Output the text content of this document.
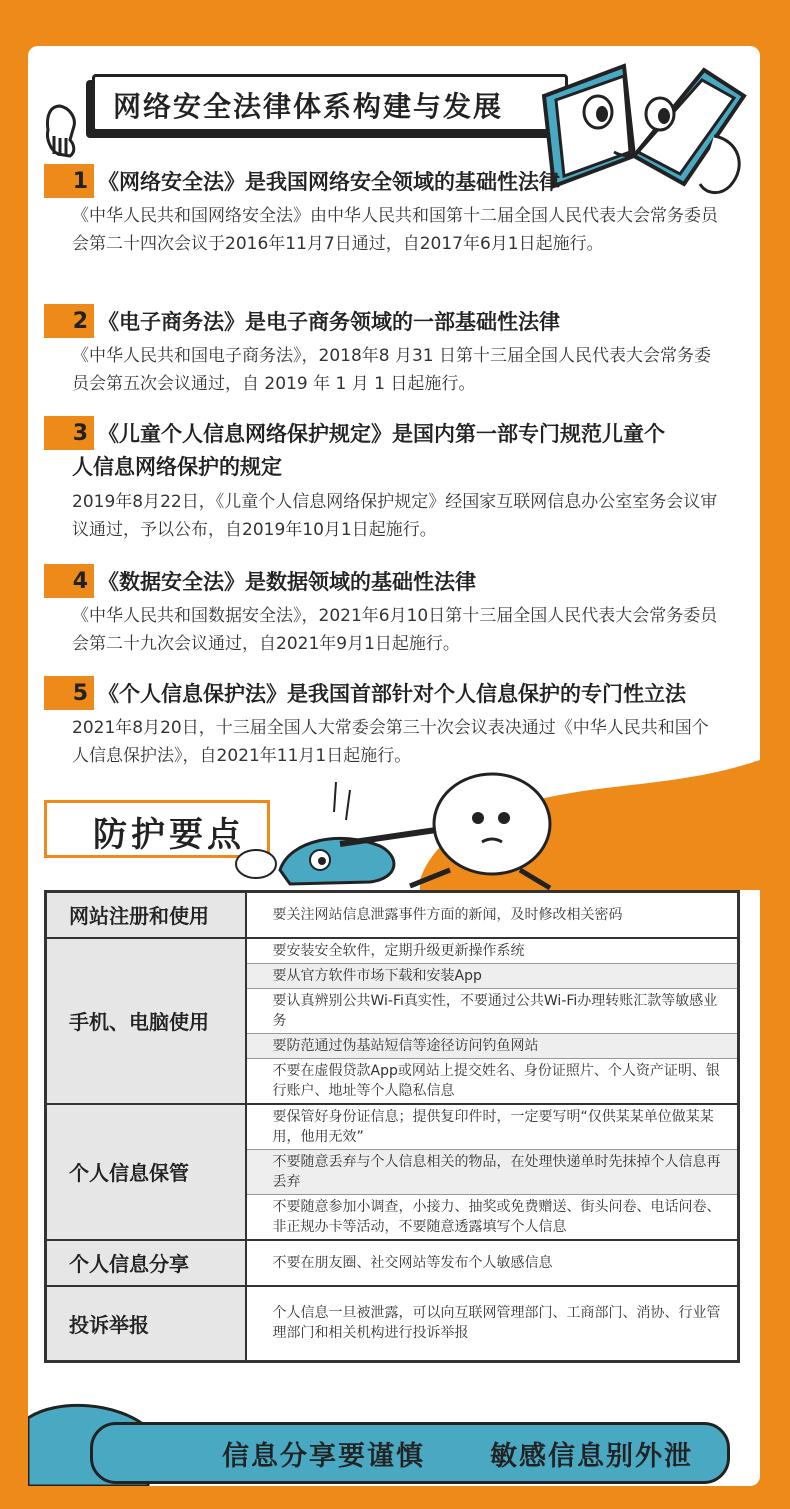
网络安全法律体系构建与发展
1 《网络安全法》是我国网络安全领域的基础性法律
《中华人民共和国网络安全法》由中华人民共和国第十二届全国人民代表大会常务委员会第二十四次会议于2016年11月7日通过，自2017年6月1日起施行。
2 《电子商务法》是电子商务领域的一部基础性法律
《中华人民共和国电子商务法》，2018年8 月31 日第十三届全国人民代表大会常务委员会第五次会议通过，自 2019 年 1 月 1 日起施行。
3 《儿童个人信息网络保护规定》是国内第一部专门规范儿童个
人信息网络保护的规定
2019年8月22日，《儿童个人信息网络保护规定》经国家互联网信息办公室室务会议审议通过，予以公布，自2019年10月1日起施行。
4 《数据安全法》是数据领域的基础性法律
《中华人民共和国数据安全法》，2021年6月10日第十三届全国人民代表大会常务委员会第二十九次会议通过，自2021年9月1日起施行。
5 《个人信息保护法》是我国首部针对个人信息保护的专门性立法
2021年8月20日，十三届全国人大常委会第三十次会议表决通过《中华人民共和国个人信息保护法》，自2021年11月1日起施行。
防护要点
网站注册和使用	要关注网站信息泄露事件方面的新闻，及时修改相关密码

手机、电脑使用	要安装安全软件，定期升级更新操作系统
要从官方软件市场下载和安装App
要认真辨别公共Wi-Fi真实性，不要通过公共Wi-Fi办理转账汇款等敏感业务
要防范通过伪基站短信等途径访问钓鱼网站
不要在虚假贷款App或网站上提交姓名、身份证照片、个人资产证明、银行账户、地址等个人隐私信息

个人信息保管	要保管好身份证信息；提供复印件时，一定要写明“仅供某某单位做某某用，他用无效”
不要随意丢弃与个人信息相关的物品，在处理快递单时先抹掉个人信息再丢弃
不要随意参加小调查，小接力、抽奖或免费赠送、街头问卷、电话问卷、非正规办卡等活动，不要随意透露填写个人信息

个人信息分享	不要在朋友圈、社交网站等发布个人敏感信息

投诉举报	个人信息一旦被泄露，可以向互联网管理部门、工商部门、消协、行业管理部门和相关机构进行投诉举报
信息分享要谨慎 敏感信息别外泄
